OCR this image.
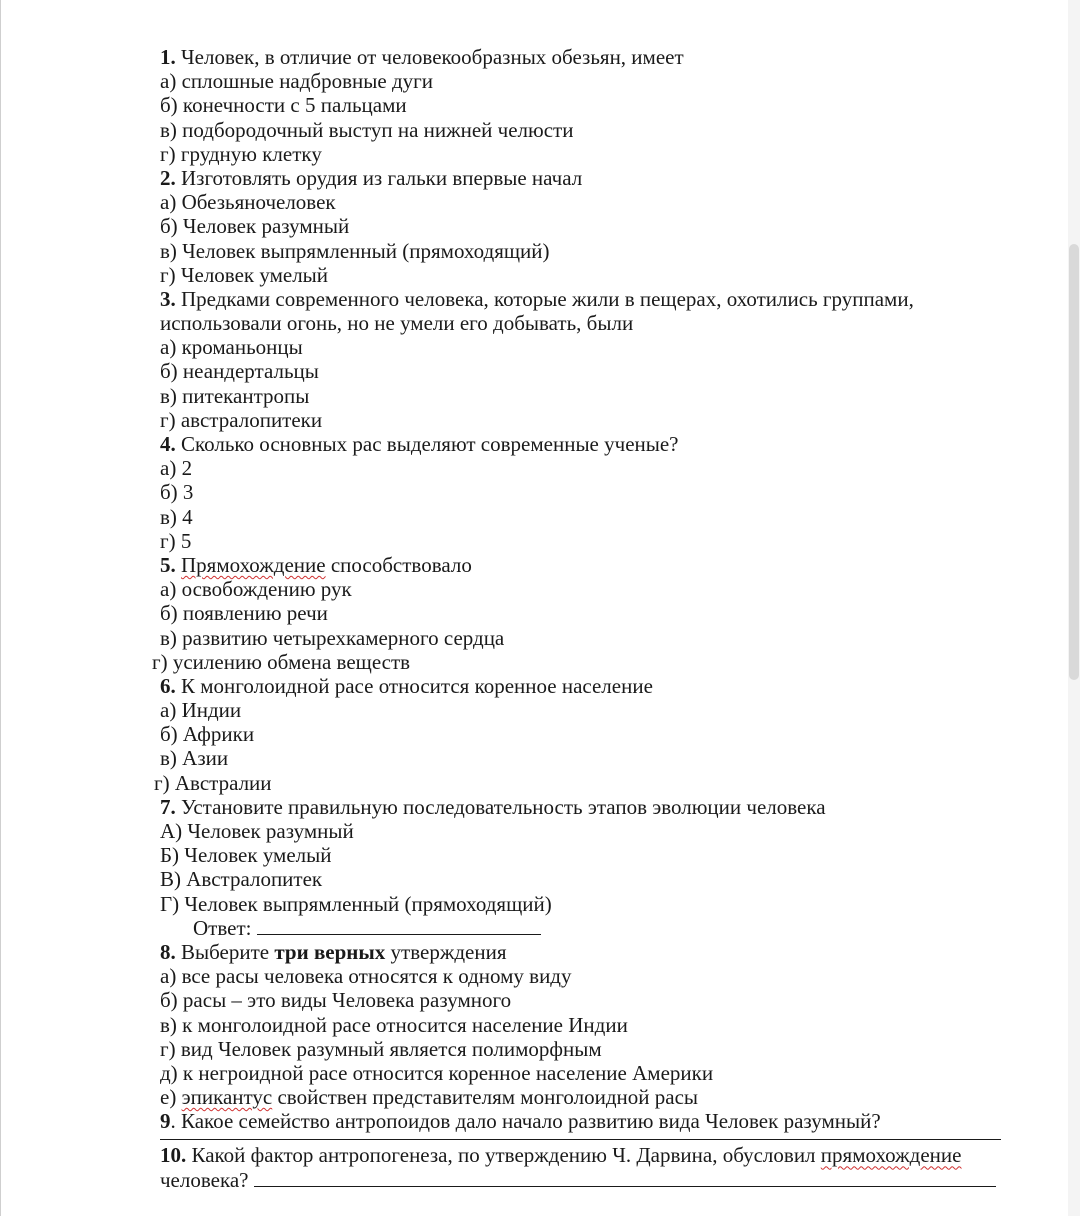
1. Человек, в отличие от человекообразных обезьян, имеет
а) сплошные надбровные дуги
б) конечности с 5 пальцами
в) подбородочный выступ на нижней челюсти
г) грудную клетку
2. Изготовлять орудия из гальки впервые начал
а) Обезьяночеловек
б) Человек разумный
в) Человек выпрямленный (прямоходящий)
г) Человек умелый
3. Предками современного человека, которые жили в пещерах, охотились группами,
использовали огонь, но не умели его добывать, были
а) кроманьонцы
б) неандертальцы
в) питекантропы
г) австралопитеки
4. Сколько основных рас выделяют современные ученые?
а) 2
б) 3
в) 4
г) 5
5. Прямохождение способствовало
а) освобождению рук
б) появлению речи
в) развитию четырехкамерного сердца
г) усилению обмена веществ
6. К монголоидной расе относится коренное население
а) Индии
б) Африки
в) Азии
г) Австралии
7. Установите правильную последовательность этапов эволюции человека
А) Человек разумный
Б) Человек умелый
В) Австралопитек
Г) Человек выпрямленный (прямоходящий)
Ответ:
8. Выберите три верных утверждения
а) все расы человека относятся к одному виду
б) расы – это виды Человека разумного
в) к монголоидной расе относится население Индии
г) вид Человек разумный является полиморфным
д) к негроидной расе относится коренное население Америки
е) эпикантус свойствен представителям монголоидной расы
9. Какое семейство антропоидов дало начало развитию вида Человек разумный?
10. Какой фактор антропогенеза, по утверждению Ч. Дарвина, обусловил прямохождение
человека?
